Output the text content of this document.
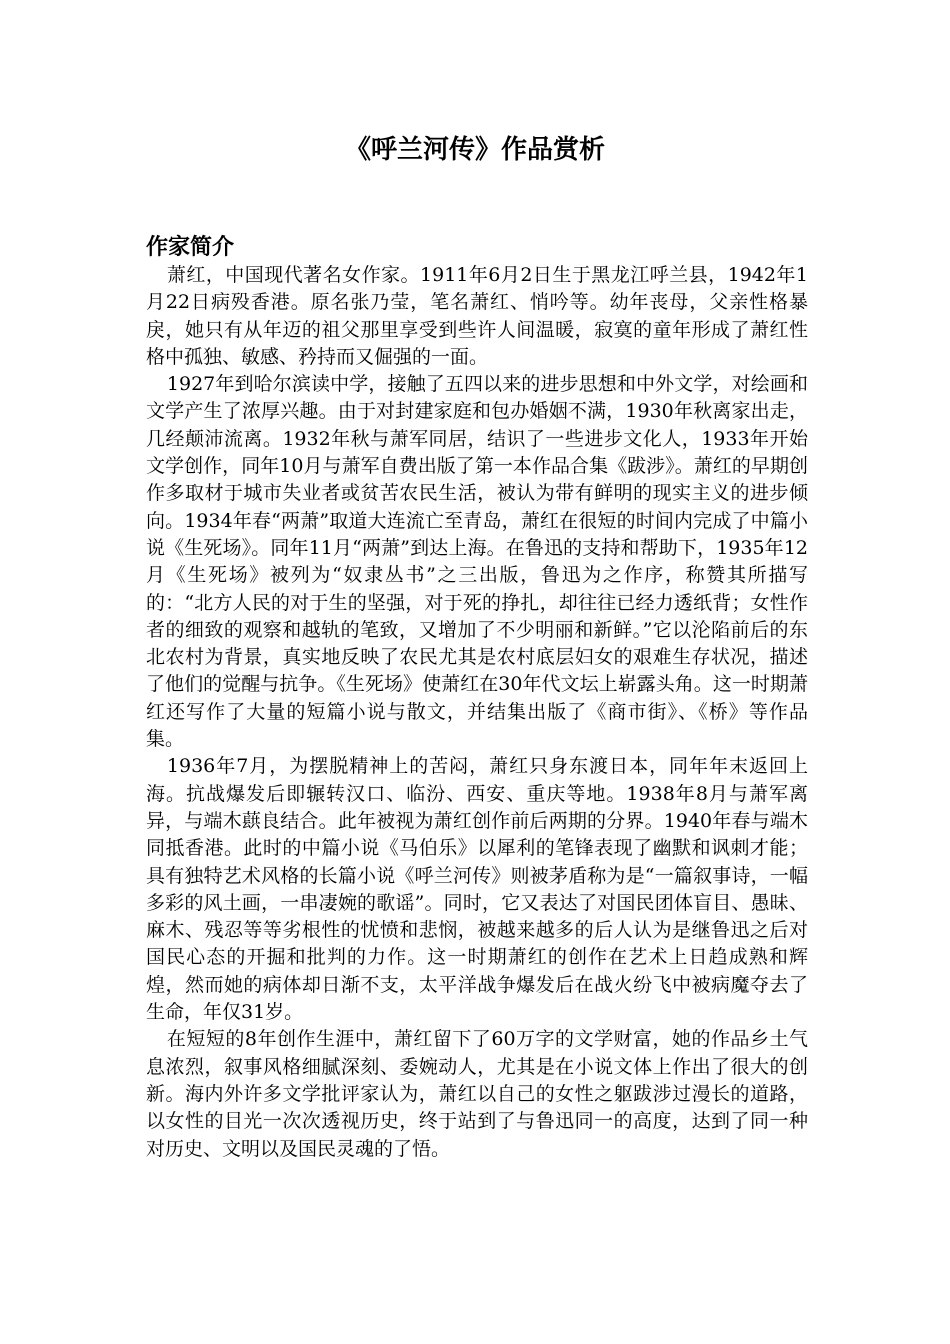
《呼兰河传》作品赏析
作家简介

萧红，中国现代著名女作家。1911年6月2日生于黑龙江呼兰县，1942年1月22日病殁香港。原名张乃莹，笔名萧红、悄吟等。幼年丧母，父亲性格暴戾，她只有从年迈的祖父那里享受到些许人间温暖，寂寞的童年形成了萧红性格中孤独、敏感、矜持而又倔强的一面。

1927年到哈尔滨读中学，接触了五四以来的进步思想和中外文学，对绘画和文学产生了浓厚兴趣。由于对封建家庭和包办婚姻不满，1930年秋离家出走，几经颠沛流离。1932年秋与萧军同居，结识了一些进步文化人，1933年开始文学创作，同年10月与萧军自费出版了第一本作品合集《跋涉》。萧红的早期创作多取材于城市失业者或贫苦农民生活，被认为带有鲜明的现实主义的进步倾向。1934年春“两萧”取道大连流亡至青岛，萧红在很短的时间内完成了中篇小说《生死场》。同年11月“两萧”到达上海。在鲁迅的支持和帮助下，1935年12月《生死场》被列为“奴隶丛书”之三出版，鲁迅为之作序，称赞其所描写的：“北方人民的对于生的坚强，对于死的挣扎，却往往已经力透纸背；女性作者的细致的观察和越轨的笔致，又增加了不少明丽和新鲜。”它以沦陷前后的东北农村为背景，真实地反映了农民尤其是农村底层妇女的艰难生存状况，描述了他们的觉醒与抗争。《生死场》使萧红在30年代文坛上崭露头角。这一时期萧红还写作了大量的短篇小说与散文，并结集出版了《商市街》、《桥》等作品集。

1936年7月，为摆脱精神上的苦闷，萧红只身东渡日本，同年年末返回上海。抗战爆发后即辗转汉口、临汾、西安、重庆等地。1938年8月与萧军离异，与端木蕻良结合。此年被视为萧红创作前后两期的分界。1940年春与端木同抵香港。此时的中篇小说《马伯乐》以犀利的笔锋表现了幽默和讽刺才能；具有独特艺术风格的长篇小说《呼兰河传》则被茅盾称为是“一篇叙事诗，一幅多彩的风土画，一串凄婉的歌谣”。同时，它又表达了对国民团体盲目、愚昧、麻木、残忍等等劣根性的忧愤和悲悯，被越来越多的后人认为是继鲁迅之后对国民心态的开掘和批判的力作。这一时期萧红的创作在艺术上日趋成熟和辉煌，然而她的病体却日渐不支，太平洋战争爆发后在战火纷飞中被病魔夺去了生命，年仅31岁。

在短短的8年创作生涯中，萧红留下了60万字的文学财富，她的作品乡土气息浓烈，叙事风格细腻深刻、委婉动人，尤其是在小说文体上作出了很大的创新。海内外许多文学批评家认为，萧红以自己的女性之躯跋涉过漫长的道路，以女性的目光一次次透视历史，终于站到了与鲁迅同一的高度，达到了同一种对历史、文明以及国民灵魂的了悟。
